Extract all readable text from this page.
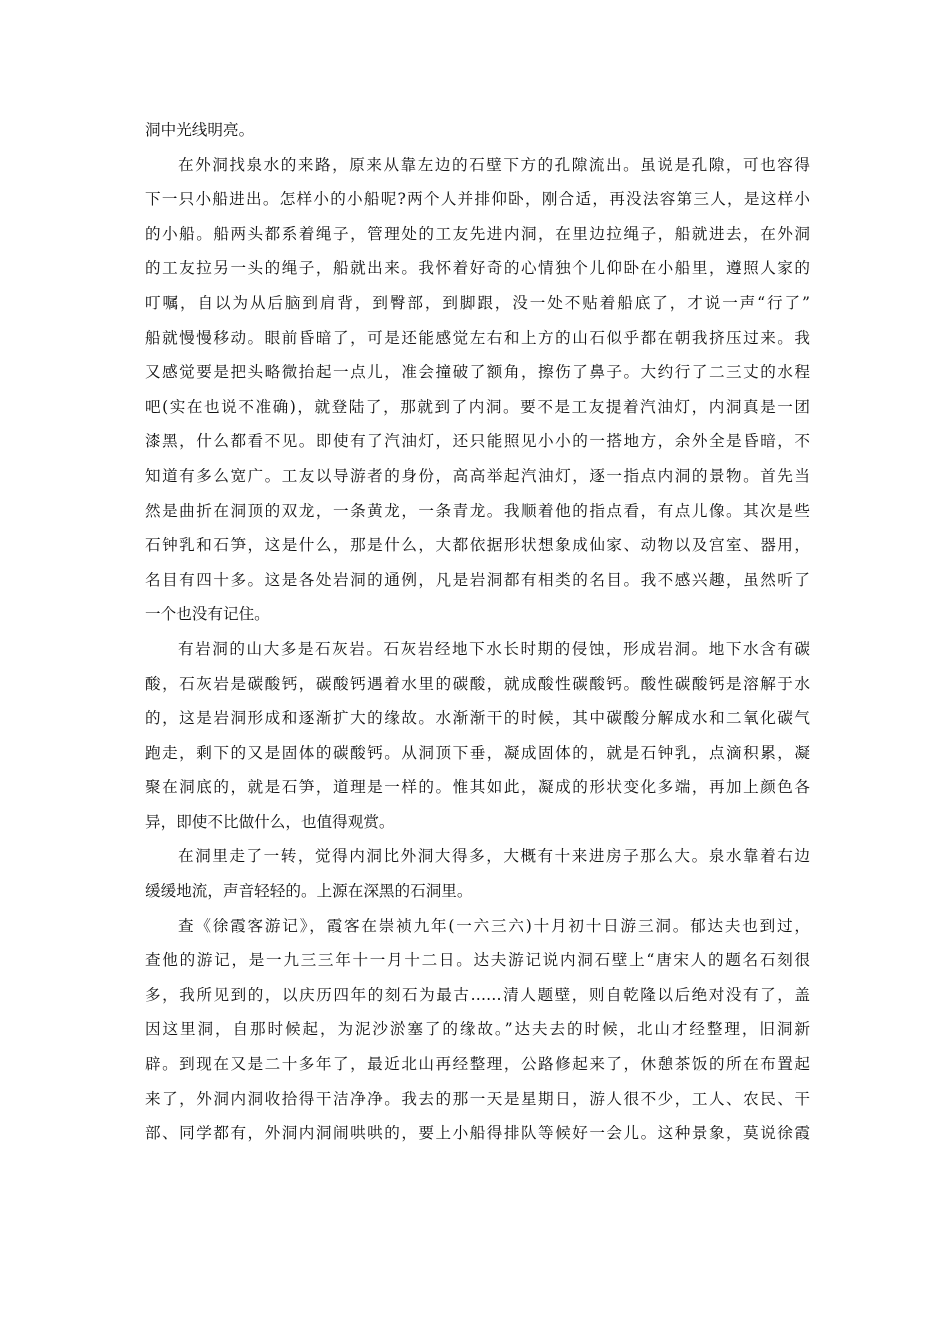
洞中光线明亮。
在外洞找泉水的来路，原来从靠左边的石壁下方的孔隙流出。虽说是孔隙，可也容得
下一只小船进出。怎样小的小船呢?两个人并排仰卧，刚合适，再没法容第三人，是这样小
的小船。船两头都系着绳子，管理处的工友先进内洞，在里边拉绳子，船就进去，在外洞
的工友拉另一头的绳子，船就出来。我怀着好奇的心情独个儿仰卧在小船里，遵照人家的
叮嘱，自以为从后脑到肩背，到臀部，到脚跟，没一处不贴着船底了，才说一声“行了”
船就慢慢移动。眼前昏暗了，可是还能感觉左右和上方的山石似乎都在朝我挤压过来。我
又感觉要是把头略微抬起一点儿，准会撞破了额角，擦伤了鼻子。大约行了二三丈的水程
吧(实在也说不准确)，就登陆了，那就到了内洞。要不是工友提着汽油灯，内洞真是一团
漆黑，什么都看不见。即使有了汽油灯，还只能照见小小的一搭地方，余外全是昏暗，不
知道有多么宽广。工友以导游者的身份，高高举起汽油灯，逐一指点内洞的景物。首先当
然是曲折在洞顶的双龙，一条黄龙，一条青龙。我顺着他的指点看，有点儿像。其次是些
石钟乳和石笋，这是什么，那是什么，大都依据形状想象成仙家、动物以及宫室、器用，
名目有四十多。这是各处岩洞的通例，凡是岩洞都有相类的名目。我不感兴趣，虽然听了
一个也没有记住。
有岩洞的山大多是石灰岩。石灰岩经地下水长时期的侵蚀，形成岩洞。地下水含有碳
酸，石灰岩是碳酸钙，碳酸钙遇着水里的碳酸，就成酸性碳酸钙。酸性碳酸钙是溶解于水
的，这是岩洞形成和逐渐扩大的缘故。水渐渐干的时候，其中碳酸分解成水和二氧化碳气
跑走，剩下的又是固体的碳酸钙。从洞顶下垂，凝成固体的，就是石钟乳，点滴积累，凝
聚在洞底的，就是石笋，道理是一样的。惟其如此，凝成的形状变化多端，再加上颜色各
异，即使不比做什么，也值得观赏。
在洞里走了一转，觉得内洞比外洞大得多，大概有十来进房子那么大。泉水靠着右边
缓缓地流，声音轻轻的。上源在深黑的石洞里。
查《徐霞客游记》，霞客在崇祯九年(一六三六)十月初十日游三洞。郁达夫也到过，
查他的游记，是一九三三年十一月十二日。达夫游记说内洞石壁上“唐宋人的题名石刻很
多，我所见到的，以庆历四年的刻石为最古……清人题壁，则自乾隆以后绝对没有了，盖
因这里洞，自那时候起，为泥沙淤塞了的缘故。”达夫去的时候，北山才经整理，旧洞新
辟。到现在又是二十多年了，最近北山再经整理，公路修起来了，休憩茶饭的所在布置起
来了，外洞内洞收拾得干洁净净。我去的那一天是星期日，游人很不少，工人、农民、干
部、同学都有，外洞内洞闹哄哄的，要上小船得排队等候好一会儿。这种景象，莫说徐霞
